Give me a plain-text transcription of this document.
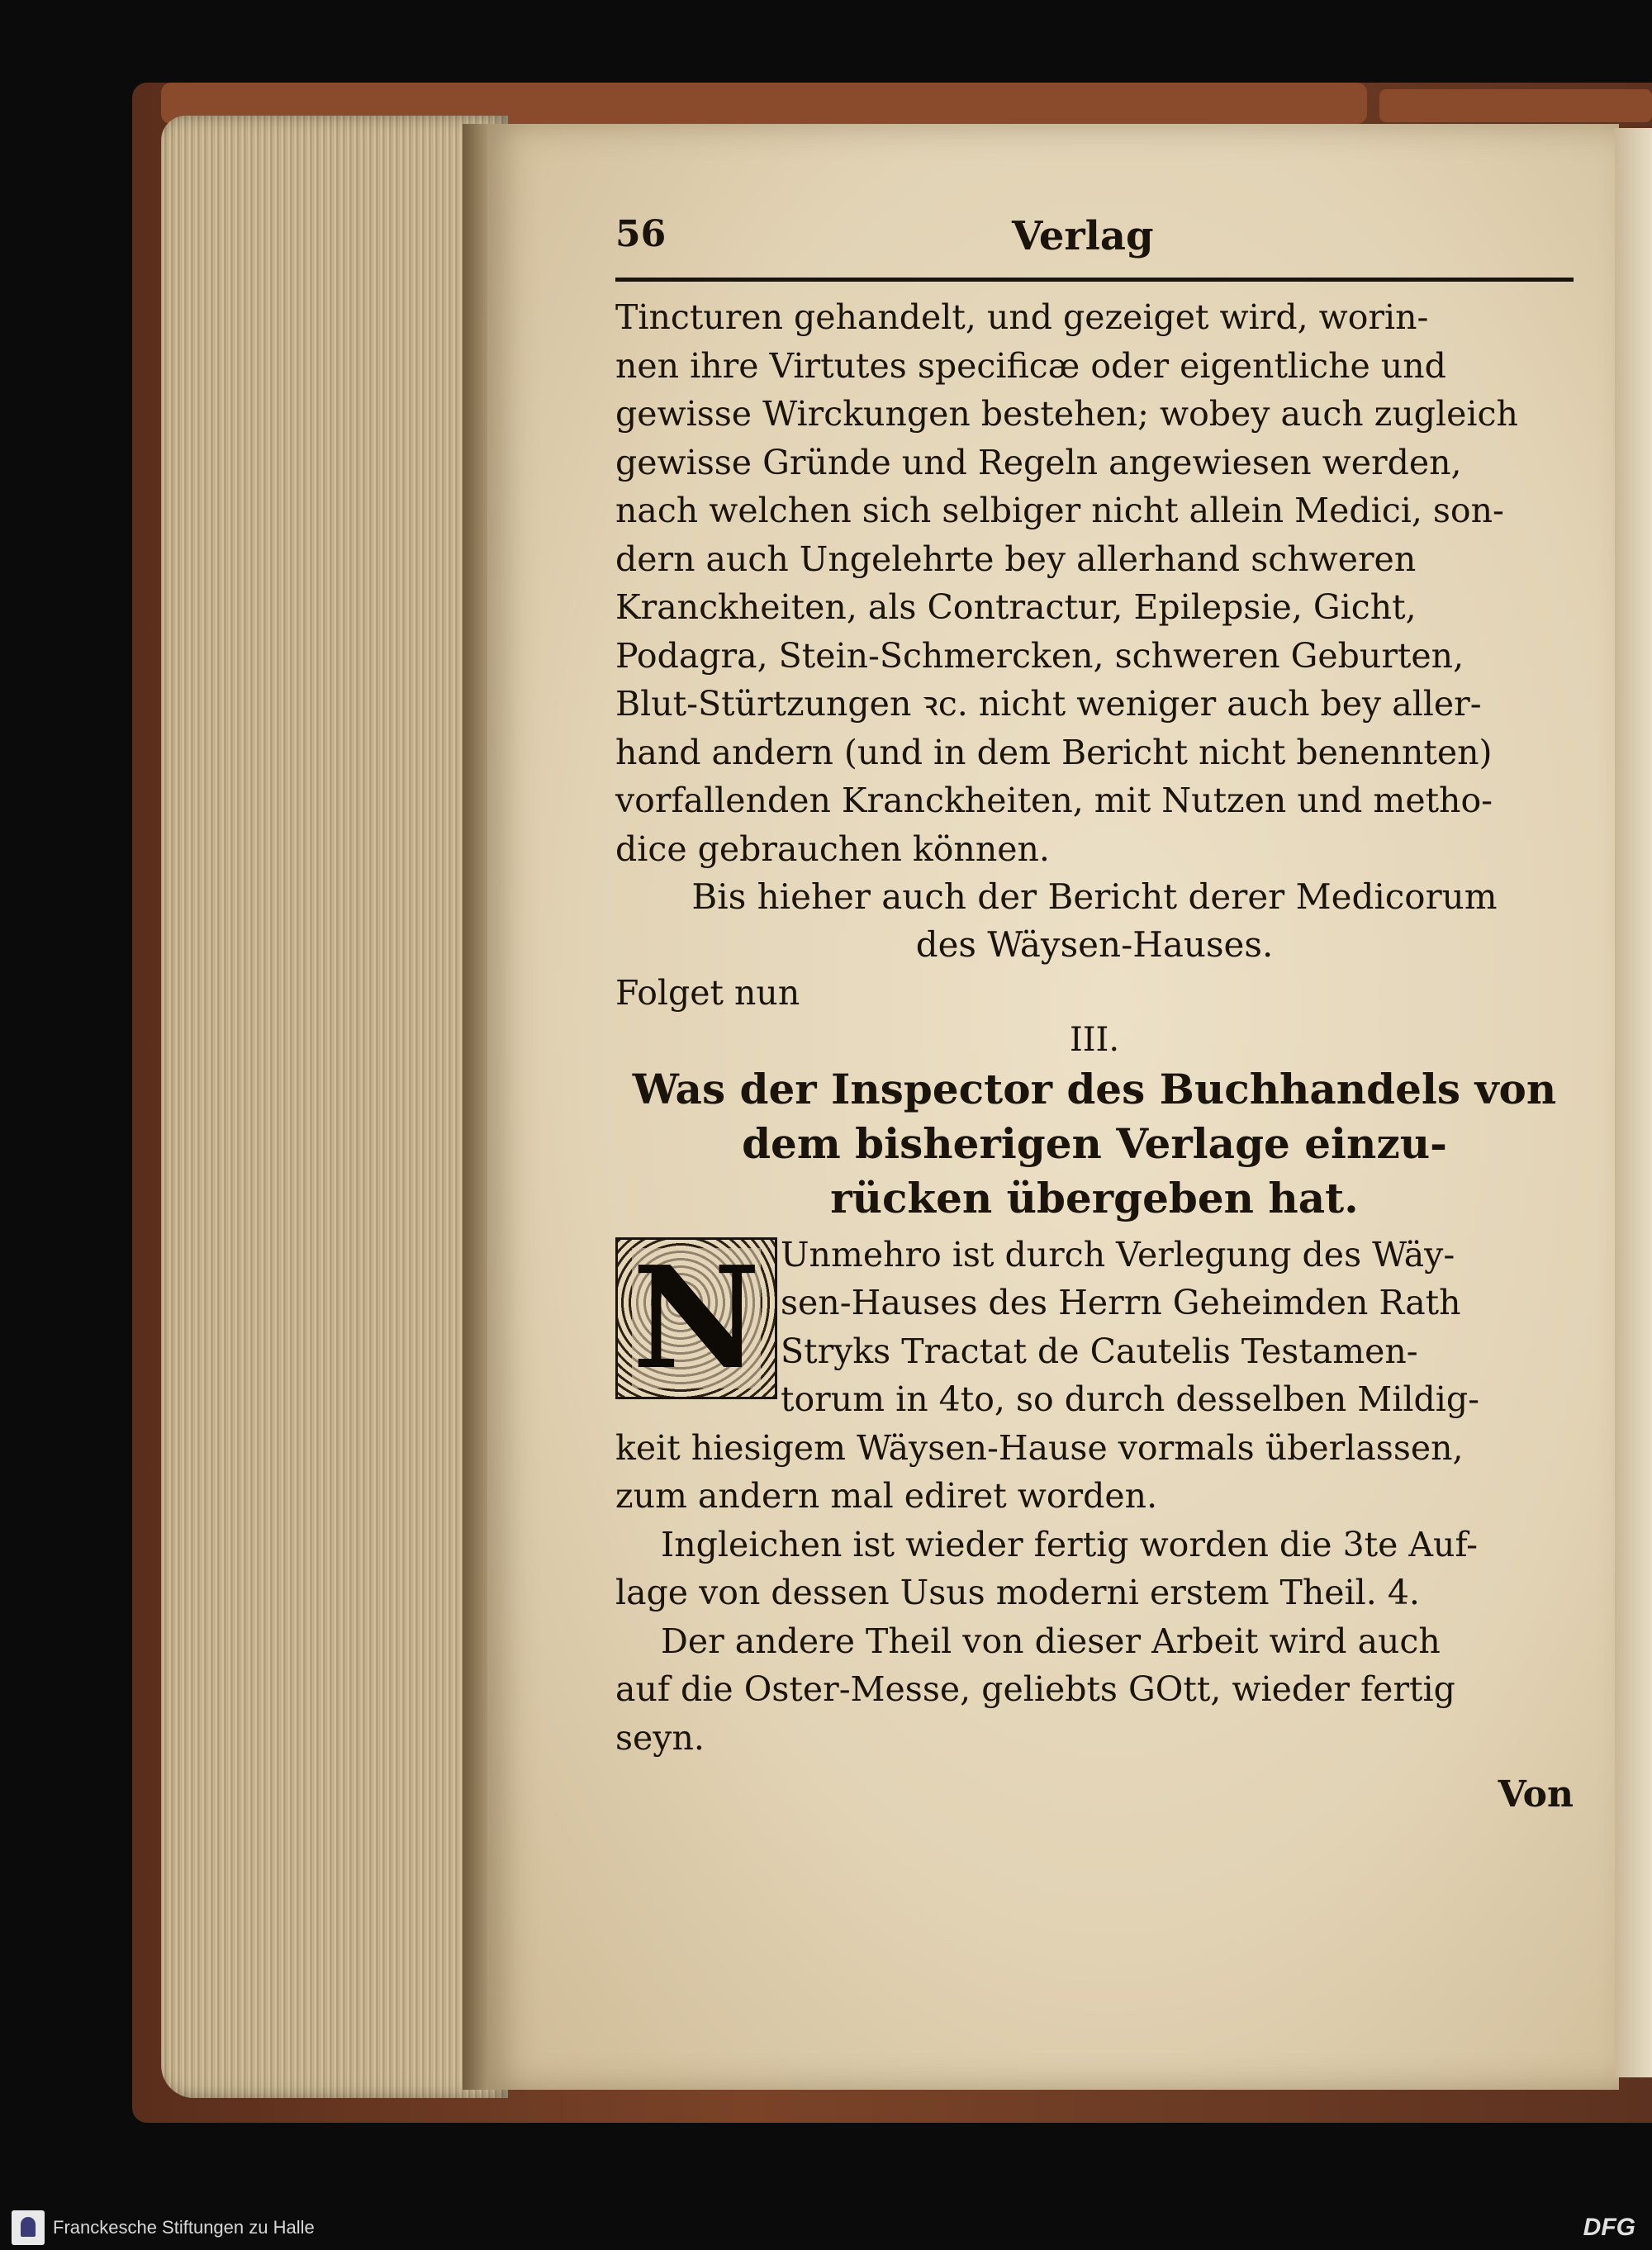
56	Verlag

Tincturen gehandelt, und gezeiget wird, worin-
nen ihre Virtutes specificæ oder eigentliche und
gewisse Wirckungen bestehen; wobey auch zugleich
gewisse Gründe und Regeln angewiesen werden,
nach welchen sich selbiger nicht allein Medici, son-
dern auch Ungelehrte bey allerhand schweren
Kranckheiten, als Contractur, Epilepsie, Gicht,
Podagra, Stein-Schmercken, schweren Geburten,
Blut-Stürtzungen ꝛc. nicht weniger auch bey aller-
hand andern (und in dem Bericht nicht benennten)
vorfallenden Kranckheiten, mit Nutzen und metho-
dice gebrauchen können.

Bis hieher auch der Bericht derer Medicorum
des Wäysen-Hauses.

Folget nun

III.
Was der Inspector des Buchhandels von
dem bisherigen Verlage einzu-
rücken übergeben hat.
N Unmehro ist durch Verlegung des Wäy-
sen-Hauses des Herrn Geheimden Rath
Stryks Tractat de Cautelis Testamen-
torum in 4to, so durch desselben Mildig-
keit hiesigem Wäysen-Hause vormals überlassen,
zum andern mal ediret worden.

Ingleichen ist wieder fertig worden die 3te Auf-
lage von dessen Usus moderni erstem Theil. 4.

Der andere Theil von dieser Arbeit wird auch
auf die Oster-Messe, geliebts GOtt, wieder fertig
seyn.

Von
Franckesche Stiftungen zu Halle	DFG
